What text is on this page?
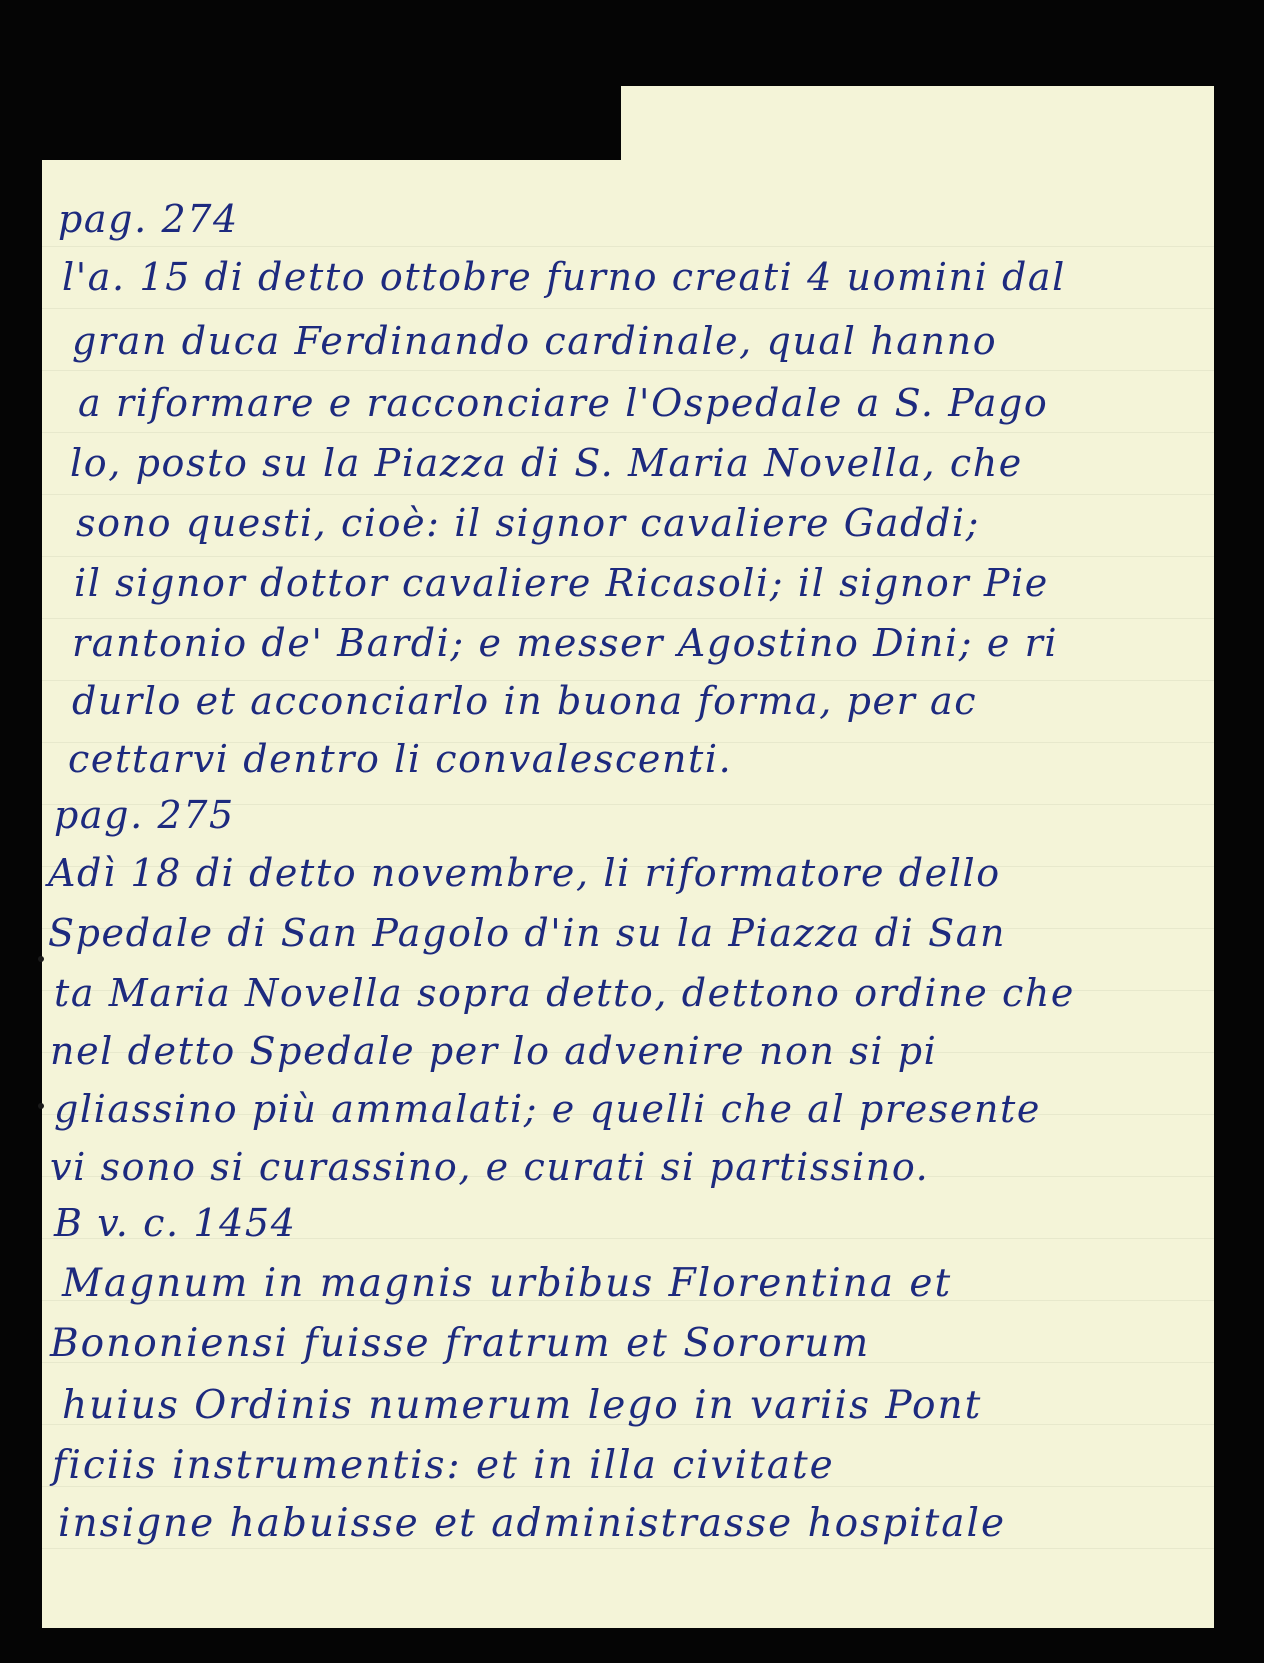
pag. 274
l'a. 15 di detto ottobre furno creati 4 uomini dal
gran duca Ferdinando cardinale, qual hanno
a riformare e racconciare l'Ospedale a S. Pago
lo, posto su la Piazza di S. Maria Novella, che
sono questi, cioè: il signor cavaliere Gaddi;
il signor dottor cavaliere Ricasoli; il signor Pie
rantonio de' Bardi; e messer Agostino Dini; e ri
durlo et acconciarlo in buona forma, per ac
cettarvi dentro li convalescenti.
pag. 275
Adì 18 di detto novembre, li riformatore dello
Spedale di San Pagolo d'in su la Piazza di San
ta Maria Novella sopra detto, dettono ordine che
nel detto Spedale per lo advenire non si pi
gliassino più ammalati; e quelli che al presente
vi sono si curassino, e curati si partissino.
B v. c. 1454
Magnum in magnis urbibus Florentina et
Bononiensi fuisse fratrum et Sororum
huius Ordinis numerum lego in variis Pont
ficiis instrumentis: et in illa civitate
insigne habuisse et administrasse hospitale
